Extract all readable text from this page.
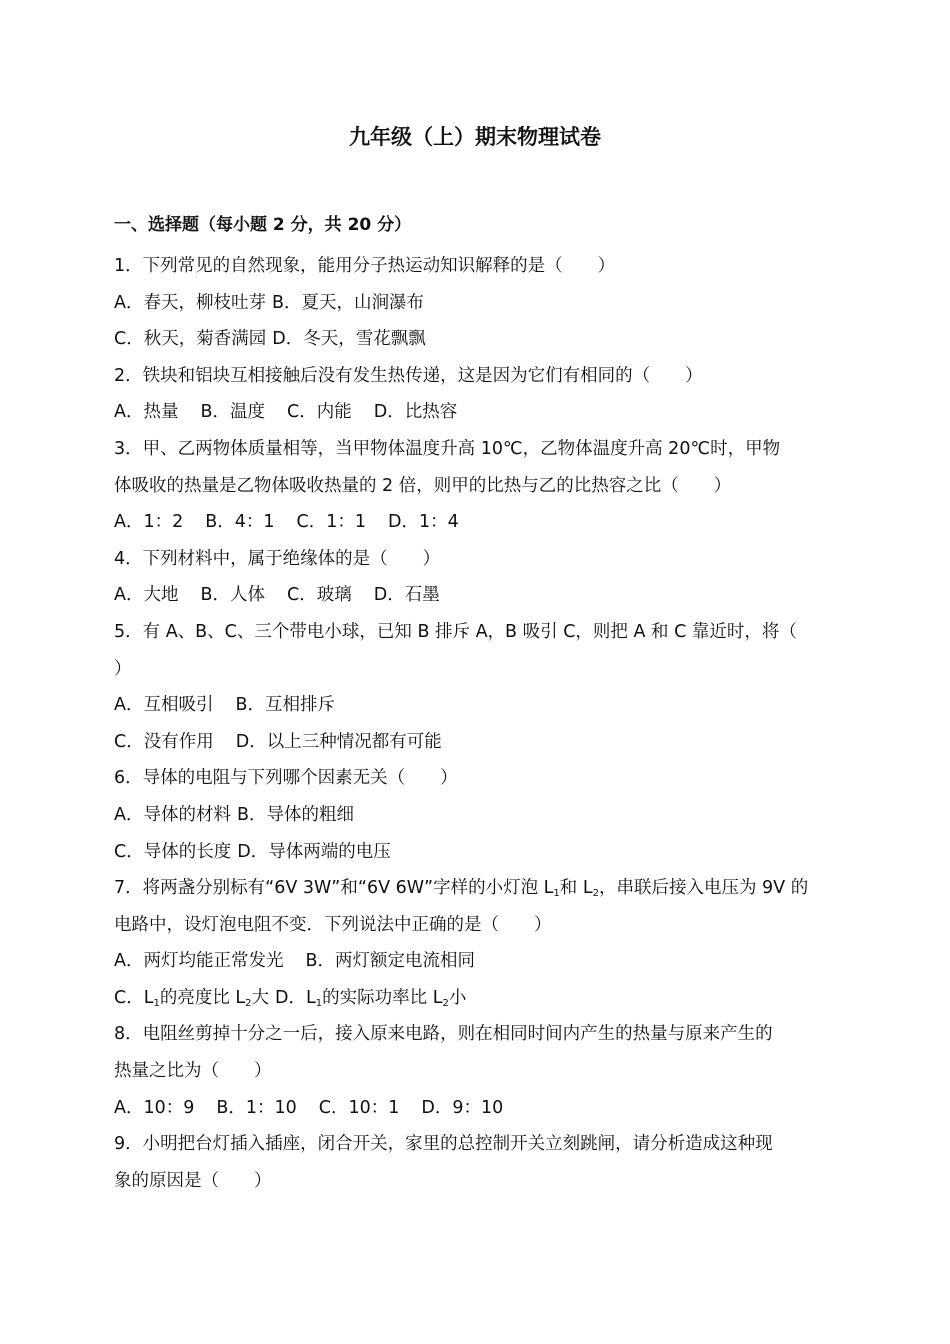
九年级（上）期末物理试卷
一、选择题（每小题 2 分，共 20 分）
1．下列常见的自然现象，能用分子热运动知识解释的是（　　）
A．春天，柳枝吐芽 B．夏天，山涧瀑布
C．秋天，菊香满园 D．冬天，雪花飘飘
2．铁块和铝块互相接触后没有发生热传递，这是因为它们有相同的（　　）
A．热量 B．温度 C．内能 D．比热容
3．甲、乙两物体质量相等，当甲物体温度升高 10℃，乙物体温度升高 20℃时，甲物
体吸收的热量是乙物体吸收热量的 2 倍，则甲的比热与乙的比热容之比（　　）
A．1：2 B．4：1 C．1：1 D．1：4
4．下列材料中，属于绝缘体的是（　　）
A．大地 B．人体 C．玻璃 D．石墨
5．有 A、B、C、三个带电小球，已知 B 排斥 A，B 吸引 C，则把 A 和 C 靠近时，将（
）
A．互相吸引 B．互相排斥
C．没有作用 D．以上三种情况都有可能
6．导体的电阻与下列哪个因素无关（　　）
A．导体的材料 B．导体的粗细
C．导体的长度 D．导体两端的电压
7．将两盏分别标有“6V 3W”和“6V 6W”字样的小灯泡 $L_1$和 $L_2$，串联后接入电压为 9V 的
电路中，设灯泡电阻不变．下列说法中正确的是（　　）
A．两灯均能正常发光 B．两灯额定电流相同
C．$L_1$的亮度比 $L_2$大 D．$L_1$的实际功率比 $L_2$小
8．电阻丝剪掉十分之一后，接入原来电路，则在相同时间内产生的热量与原来产生的
热量之比为（　　）
A．10：9 B．1：10 C．10：1 D．9：10
9．小明把台灯插入插座，闭合开关，家里的总控制开关立刻跳闸，请分析造成这种现
象的原因是（　　）
